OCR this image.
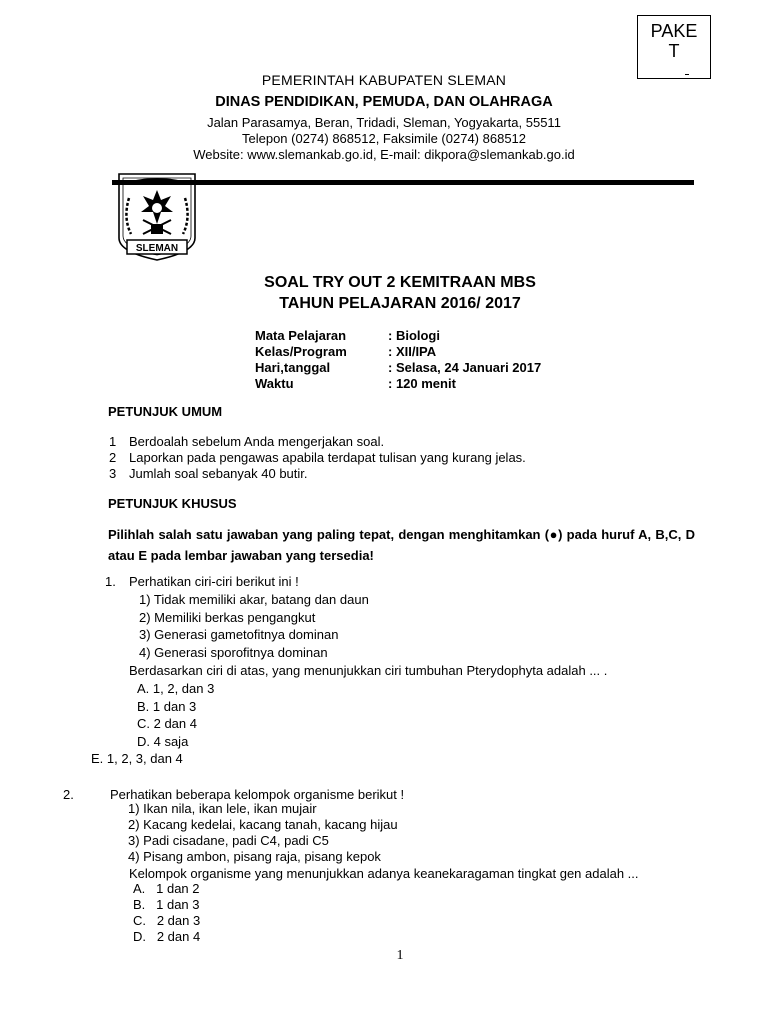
PAKE
T
PEMERINTAH KABUPATEN SLEMAN
DINAS PENDIDIKAN, PEMUDA, DAN OLAHRAGA
Jalan Parasamya, Beran, Tridadi, Sleman, Yogyakarta, 55511
Telepon (0274) 868512, Faksimile (0274) 868512
Website: www.slemankab.go.id, E-mail: dikpora@slemankab.go.id
SLEMAN
SOAL TRY OUT 2 KEMITRAAN MBS
TAHUN PELAJARAN 2016/ 2017
Mata Pelajaran	: Biologi
Kelas/Program	: XII/IPA
Hari,tanggal	: Selasa, 24 Januari 2017
Waktu	: 120 menit
PETUNJUK UMUM
1 Berdoalah sebelum Anda mengerjakan soal.
2 Laporkan pada pengawas apabila terdapat tulisan yang kurang jelas.
3 Jumlah soal sebanyak 40 butir.
PETUNJUK KHUSUS
Pilihlah salah satu jawaban yang paling tepat, dengan menghitamkan (●) pada huruf A, B,C, D atau E pada lembar jawaban yang tersedia!
1. Perhatikan ciri-ciri berikut ini !
1) Tidak memiliki akar, batang dan daun
2) Memiliki berkas pengangkut
3) Generasi gametofitnya dominan
4) Generasi sporofitnya dominan
Berdasarkan ciri di atas, yang menunjukkan ciri tumbuhan Pterydophyta adalah ... .
A. 1, 2, dan 3
B. 1 dan 3
C. 2 dan 4
D. 4 saja
E. 1, 2, 3, dan 4
2.	Perhatikan beberapa kelompok organisme berikut !
1) Ikan nila, ikan lele, ikan mujair
2) Kacang kedelai, kacang tanah, kacang hijau
3) Padi cisadane, padi C4, padi C5
4) Pisang ambon, pisang raja, pisang kepok
Kelompok organisme yang menunjukkan adanya keanekaragaman tingkat gen adalah ...
A.   1 dan 2
B.   1 dan 3
C.   2 dan 3
D.   2 dan 4
1
